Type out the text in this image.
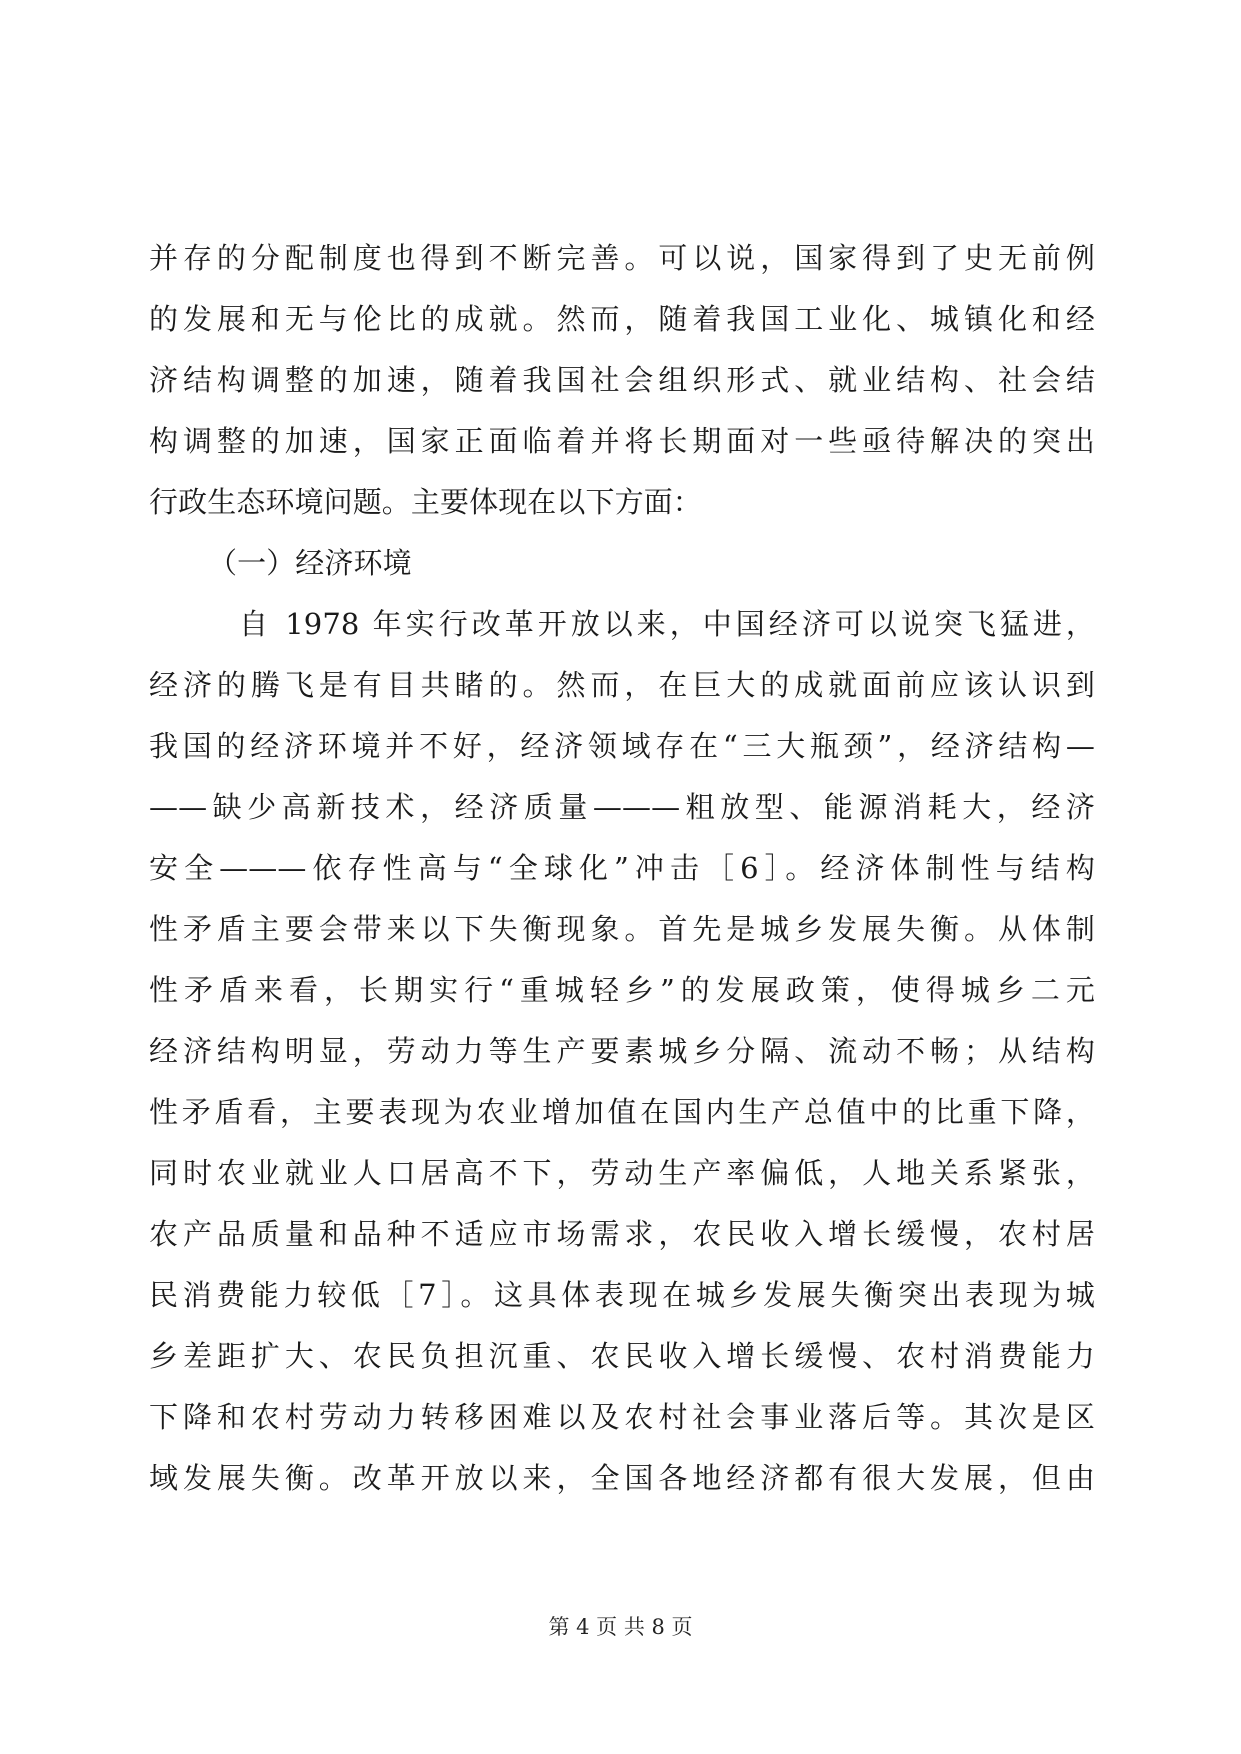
并存的分配制度也得到不断完善。可以说，国家得到了史无前例
的发展和无与伦比的成就。然而，随着我国工业化、城镇化和经
济结构调整的加速，随着我国社会组织形式、就业结构、社会结
构调整的加速，国家正面临着并将长期面对一些亟待解决的突出
行政生态环境问题。主要体现在以下方面：
（一）经济环境
自 1978 年实行改革开放以来，中国经济可以说突飞猛进，
经济的腾飞是有目共睹的。然而，在巨大的成就面前应该认识到
我国的经济环境并不好，经济领域存在“三大瓶颈”，经济结构—
——缺少高新技术，经济质量———粗放型、能源消耗大，经济
安全———依存性高与“全球化”冲击［6］。经济体制性与结构
性矛盾主要会带来以下失衡现象。首先是城乡发展失衡。从体制
性矛盾来看，长期实行“重城轻乡”的发展政策，使得城乡二元
经济结构明显，劳动力等生产要素城乡分隔、流动不畅；从结构
性矛盾看，主要表现为农业增加值在国内生产总值中的比重下降，
同时农业就业人口居高不下，劳动生产率偏低，人地关系紧张，
农产品质量和品种不适应市场需求，农民收入增长缓慢，农村居
民消费能力较低［7］。这具体表现在城乡发展失衡突出表现为城
乡差距扩大、农民负担沉重、农民收入增长缓慢、农村消费能力
下降和农村劳动力转移困难以及农村社会事业落后等。其次是区
域发展失衡。改革开放以来，全国各地经济都有很大发展，但由
第 4 页 共 8 页
